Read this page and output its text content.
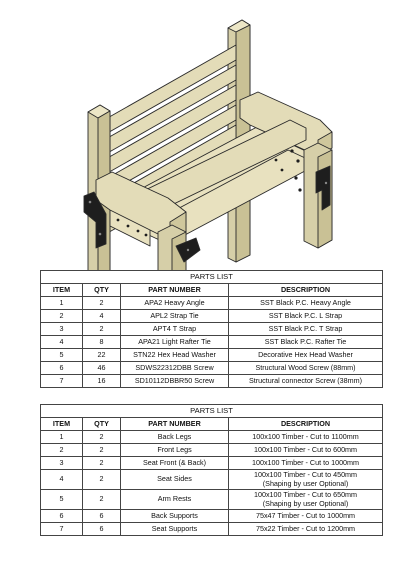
PARTS LIST			
ITEM	QTY	PART NUMBER	DESCRIPTION
1	2	APA2 Heavy Angle	SST Black P.C. Heavy Angle
2	4	APL2 Strap Tie	SST Black P.C. L Strap
3	2	APT4 T Strap	SST Black P.C. T Strap
4	8	APA21 Light Rafter Tie	SST Black P.C. Rafter Tie
5	22	STN22 Hex Head Washer	Decorative Hex Head Washer
6	46	SDWS22312DBB Screw	Structural Wood Screw (88mm)
7	16	SD10112DBBR50 Screw	Structural connector Screw (38mm)
PARTS LIST			
ITEM	QTY	PART NUMBER	DESCRIPTION
1	2	Back Legs	100x100 Timber - Cut to 1100mm

2	2	Front Legs	100x100 Timber - Cut to 600mm

3	2	Seat Front (& Back)	100x100 Timber - Cut to 1000mm

4	2	Seat Sides	100x100 Timber - Cut to 450mm
(Shaping by user Optional)

5	2	Arm Rests	100x100 Timber - Cut to 650mm
(Shaping by user Optional)

6	6	Back Supports	75x47 Timber - Cut to 1000mm

7	6	Seat Supports	75x22 Timber - Cut to 1200mm
